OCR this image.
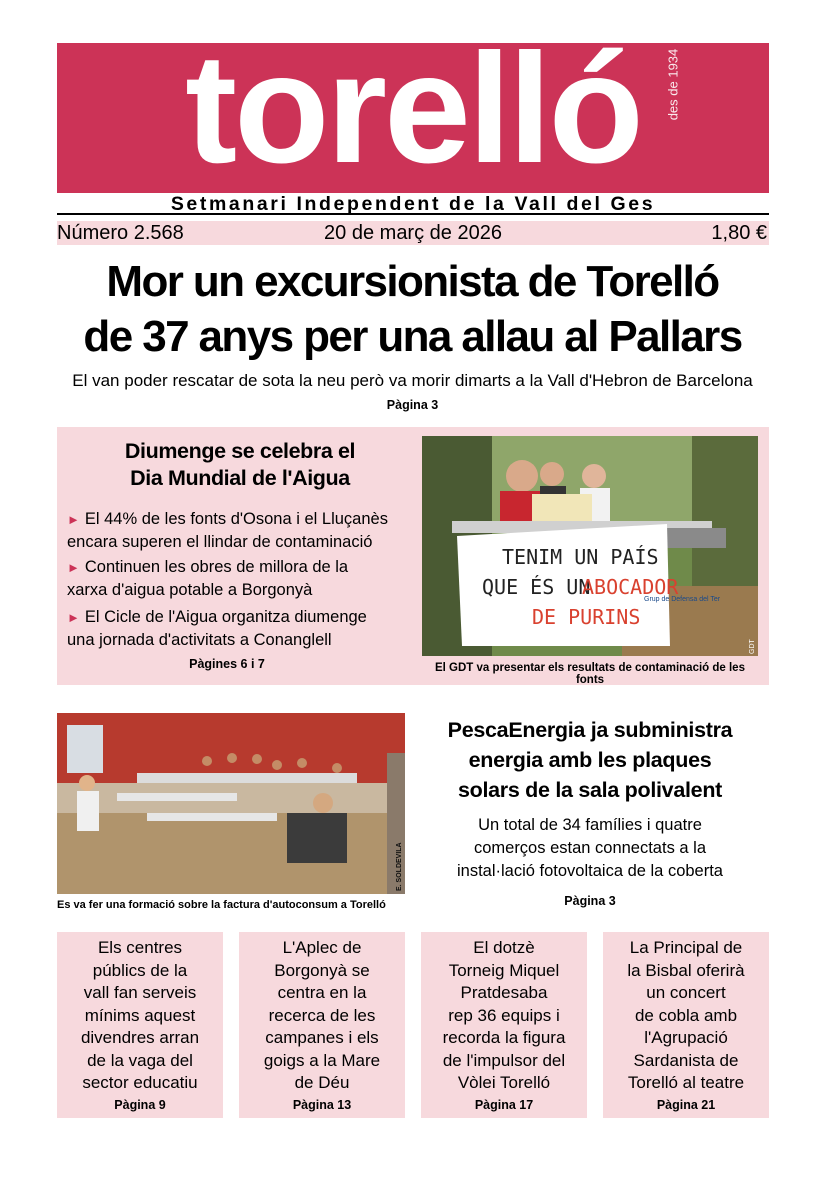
torelló	des de 1934
Setmanari Independent de la Vall del Ges
Número 2.568	20 de març de 2026	1,80 €
Mor un excursionista de Torelló
de 37 anys per una allau al Pallars
El van poder rescatar de sota la neu però va morir dimarts a la Vall d'Hebron de Barcelona
Pàgina 3
Diumenge se celebra el
Dia Mundial de l'Aigua
► El 44% de les fonts d'Osona i el Lluçanès
encara superen el llindar de contaminació
► Continuen les obres de millora de la
xarxa d'aigua potable a Borgonyà
► El Cicle de l'Aigua organitza diumenge
una jornada d'activitats a Conanglell
Pàgines 6 i 7
TENIM UN PAÍS
QUE ÉS UN
ABOCADOR
DE PURINS
Grup de Defensa del Ter
GDT
El GDT va presentar els resultats de contaminació de les fonts
E. SOLDEVILA
Es va fer una formació sobre la factura d'autoconsum a Torelló
PescaEnergia ja subministra
energia amb les plaques
solars de la sala polivalent
Un total de 34 famílies i quatre
comerços estan connectats a la
instal·lació fotovoltaica de la coberta
Pàgina 3
Els centres
públics de la
vall fan serveis
mínims aquest
divendres arran
de la vaga del
sector educatiu
Pàgina 9
L'Aplec de
Borgonyà se
centra en la
recerca de les
campanes i els
goigs a la Mare
de Déu
Pàgina 13
El dotzè
Torneig Miquel
Pratdesaba
rep 36 equips i
recorda la figura
de l'impulsor del
Vòlei Torelló
Pàgina 17
La Principal de
la Bisbal oferirà
un concert
de cobla amb
l'Agrupació
Sardanista de
Torelló al teatre
Pàgina 21
